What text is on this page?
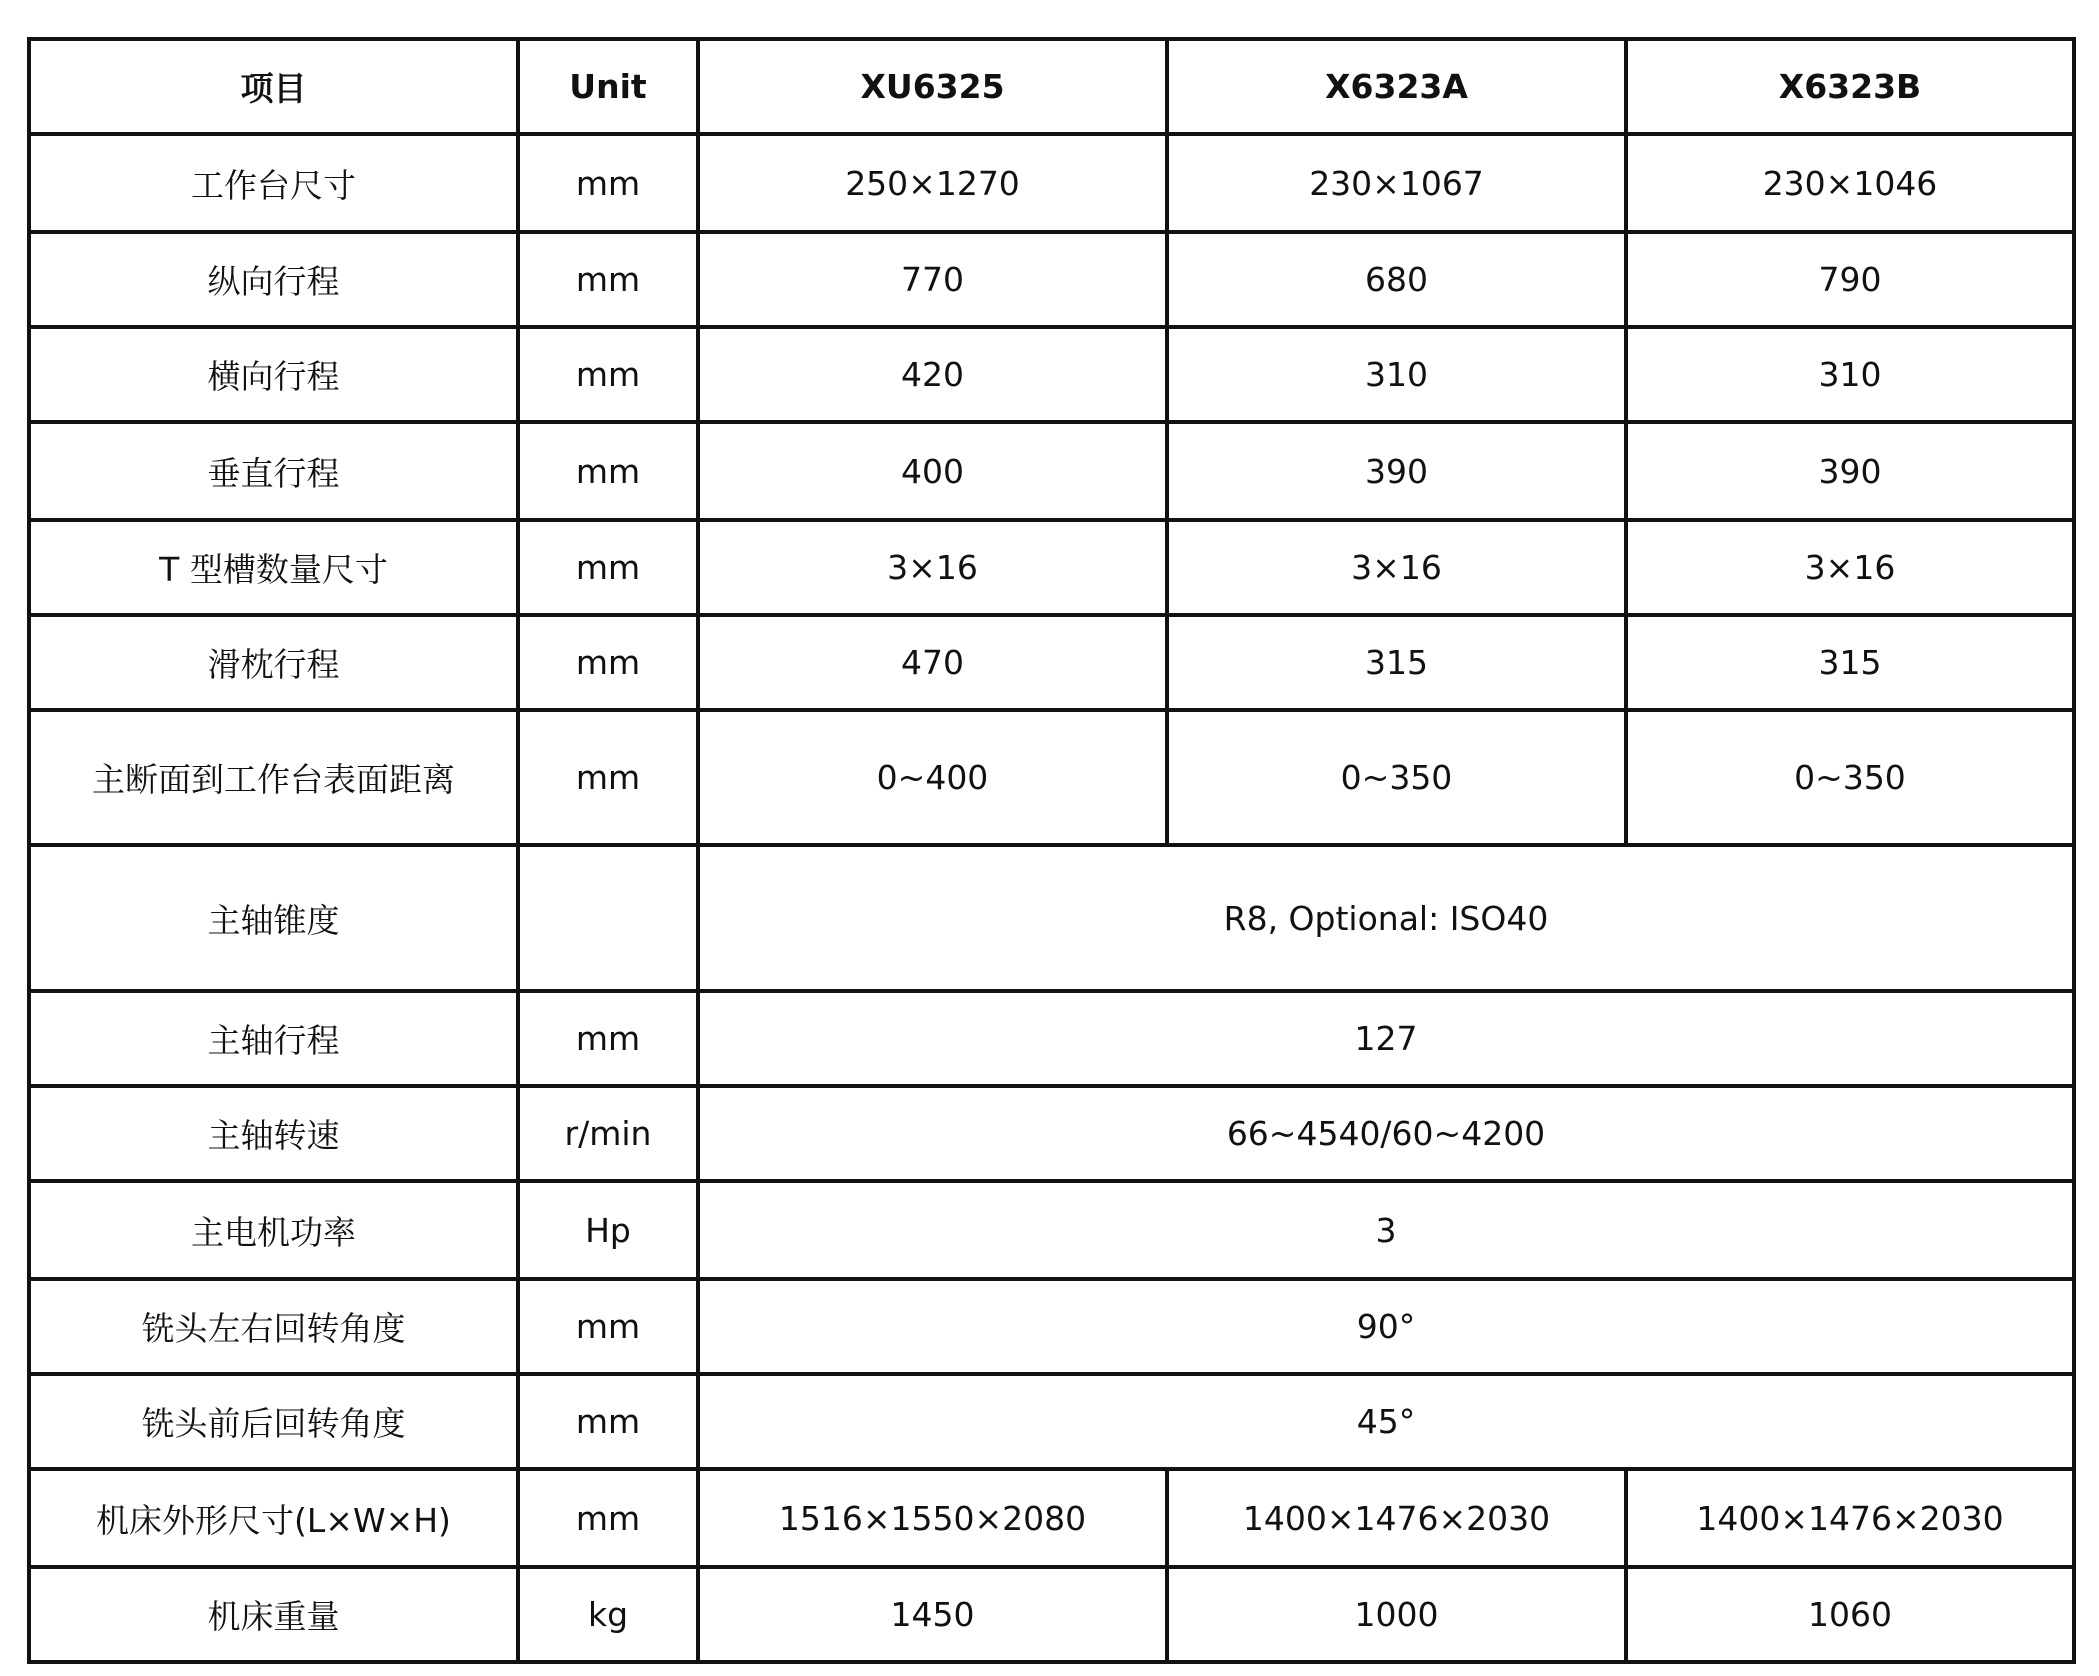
项目	Unit	XU6325	X6323A	X6323B
工作台尺寸	mm	250×1270	230×1067	230×1046
纵向行程	mm	770	680	790
横向行程	mm	420	310	310
垂直行程	mm	400	390	390
T 型槽数量尺寸	mm	3×16	3×16	3×16
滑枕行程	mm	470	315	315
主断面到工作台表面距离	mm	0~400	0~350	0~350
主轴锥度		R8, Optional: ISO40		
主轴行程	mm	127		
主轴转速	r/min	66~4540/60~4200		
主电机功率	Hp	3		
铣头左右回转角度	mm	90°		
铣头前后回转角度	mm	45°		
机床外形尺寸(L×W×H)	mm	1516×1550×2080	1400×1476×2030	1400×1476×2030
机床重量	kg	1450	1000	1060
